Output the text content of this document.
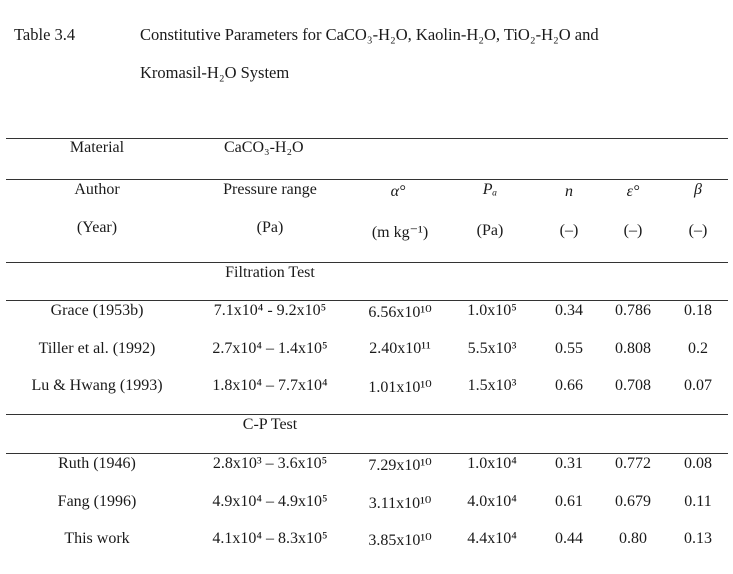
Table 3.4	Constitutive Parameters for CaCO₃-H₂O, Kaolin-H₂O, TiO₂-H₂O and
Kromasil-H₂O System
Material	CaCO₃-H₂O
Author	Pressure range	α°	Pₐ	n	ε°	β
(Year)	(Pa)	(m kg⁻¹)	(Pa)	(–)	(–)	(–)
Filtration Test
Grace (1953b)	7.1x10⁴ - 9.2x10⁵	6.56x10¹⁰ 1.0x10⁵ 0.34 0.786 0.18
Tiller et al. (1992)	2.7x10⁴ – 1.4x10⁵	2.40x10¹¹ 5.5x10³ 0.55 0.808 0.2
Lu & Hwang (1993)	1.8x10⁴ – 7.7x10⁴	1.01x10¹⁰ 1.5x10³ 0.66 0.708 0.07
C-P Test
Ruth (1946)	2.8x10³ – 3.6x10⁵	7.29x10¹⁰ 1.0x10⁴ 0.31 0.772 0.08
Fang (1996)	4.9x10⁴ – 4.9x10⁵	3.11x10¹⁰ 4.0x10⁴ 0.61 0.679 0.11
This work	4.1x10⁴ – 8.3x10⁵	3.85x10¹⁰ 4.4x10⁴ 0.44 0.80 0.13
